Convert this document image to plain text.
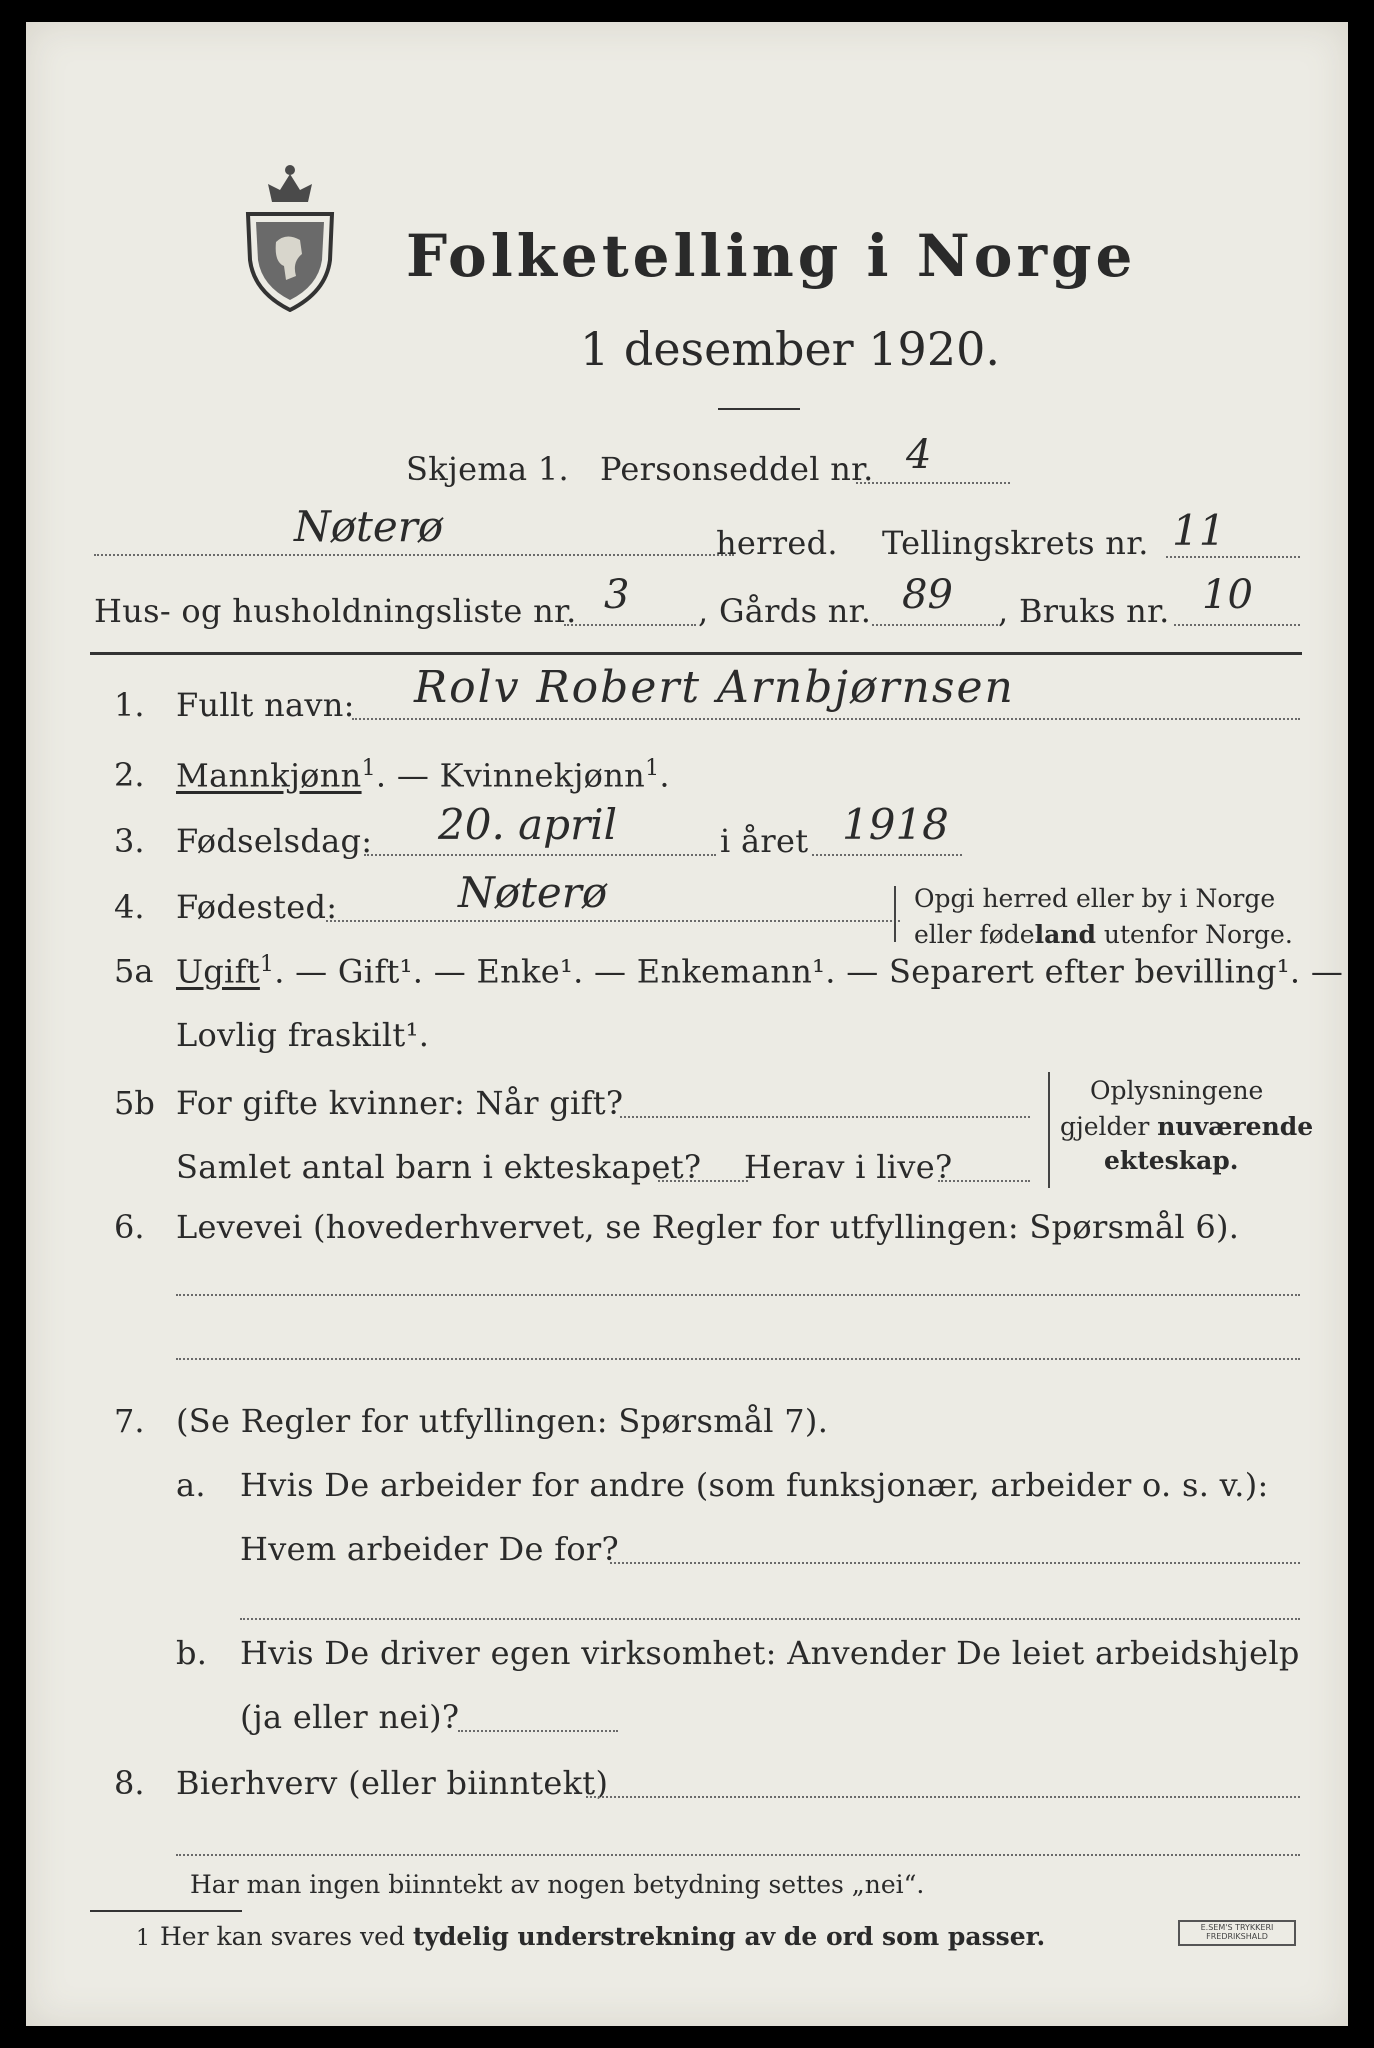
Folketelling i Norge
1 desember 1920.
Skjema 1. Personseddel nr. 4
Nøterø	herred. Tellingskrets nr. 11
Hus- og husholdningsliste nr. 3 , Gårds nr. 89 , Bruks nr. 10
1. Fullt navn: Rolv Robert Arnbjørnsen
2. Mannkjønn$^1$. — Kvinnekjønn$^1$.
3. Fødselsdag: 20. april	i året 1918
4. Fødested:	Nøterø	Opgi herred eller by i Norge
eller fødeland utenfor Norge.
5a Ugift$^1$. — Gift¹. — Enke¹. — Enkemann¹. — Separert efter bevilling¹. —
Lovlig fraskilt¹.
5b For gifte kvinner: Når gift?
Samlet antal barn i ekteskapet? Herav i live?
Oplysningene
gjelder nuværende
ekteskap.
6. Levevei (hovederhvervet, se Regler for utfyllingen: Spørsmål 6).
7. (Se Regler for utfyllingen: Spørsmål 7).
a. Hvis De arbeider for andre (som funksjonær, arbeider o. s. v.):
Hvem arbeider De for?
b. Hvis De driver egen virksomhet: Anvender De leiet arbeidshjelp
(ja eller nei)?
8. Bierhverv (eller biinntekt)
Har man ingen biinntekt av nogen betydning settes „nei“.
1 Her kan svares ved tydelig understrekning av de ord som passer.	E.SEM'S TRYKKERI
FREDRIKSHALD
